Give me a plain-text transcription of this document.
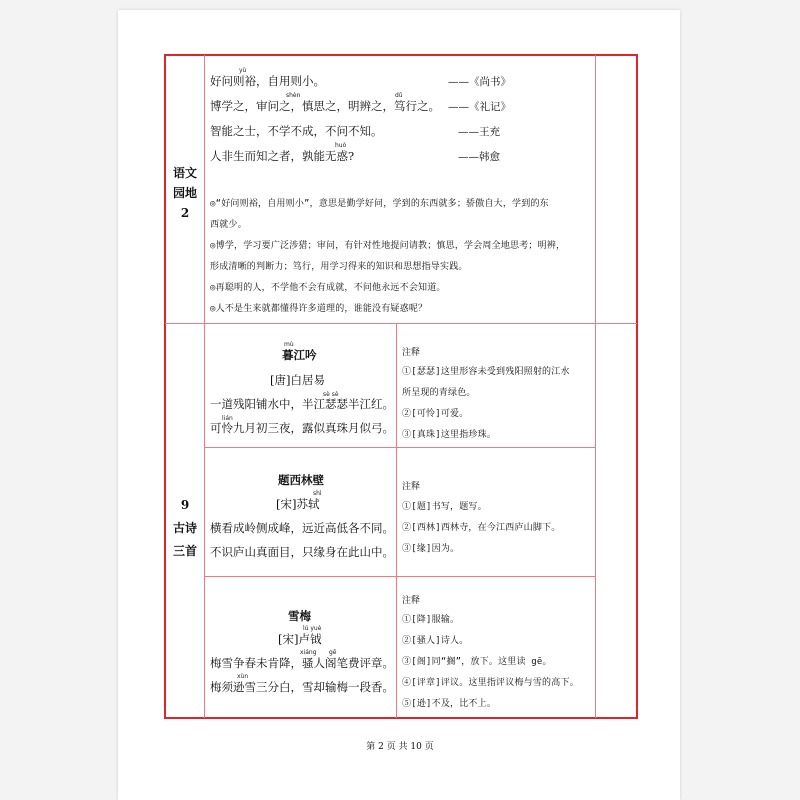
语文
园地
2
yù
好问则裕，自用则小。	——《尚书》
shèn	dǔ
博学之，审问之，慎思之，明辨之，笃行之。 ——《礼记》
智能之士，不学不成，不问不知。	——王充
huò
人非生而知之者，孰能无惑?	——韩愈
◎“好问则裕，自用则小”，意思是勤学好问，学到的东西就多；骄傲自大，学到的东
西就少。
◎博学，学习要广泛涉猎；审问，有针对性地提问请教；慎思，学会周全地思考；明辨，
形成清晰的判断力；笃行，用学习得来的知识和思想指导实践。
◎再聪明的人，不学他不会有成就，不问他永远不会知道。
◎人不是生来就都懂得许多道理的，谁能没有疑惑呢？
9
古诗
三首
mù
暮江吟
[唐]白居易
sè sè
一道残阳铺水中，半江瑟瑟半江红。
lián
可怜九月初三夜，露似真珠月似弓。
注释
①[瑟瑟]这里形容未受到残阳照射的江水
所呈现的青绿色。
②[可怜]可爱。
③[真珠]这里指珍珠。
题西林壁
shì
[宋]苏轼
横看成岭侧成峰，远近高低各不同。
不识庐山真面目，只缘身在此山中。
注释
①[题]书写，题写。
②[西林]西林寺，在今江西庐山脚下。
③[缘]因为。
雪梅
lú yuè
[宋]卢钺
xiáng gē
梅雪争春未肯降，骚人阁笔费评章。
xùn
梅须逊雪三分白，雪却输梅一段香。
注释
①[降]服输。
②[骚人]诗人。
③[阁]同“搁”，放下。这里读 gē。
④[评章]评议。这里指评议梅与雪的高下。
⑤[逊]不及，比不上。
第 2 页 共 10 页
